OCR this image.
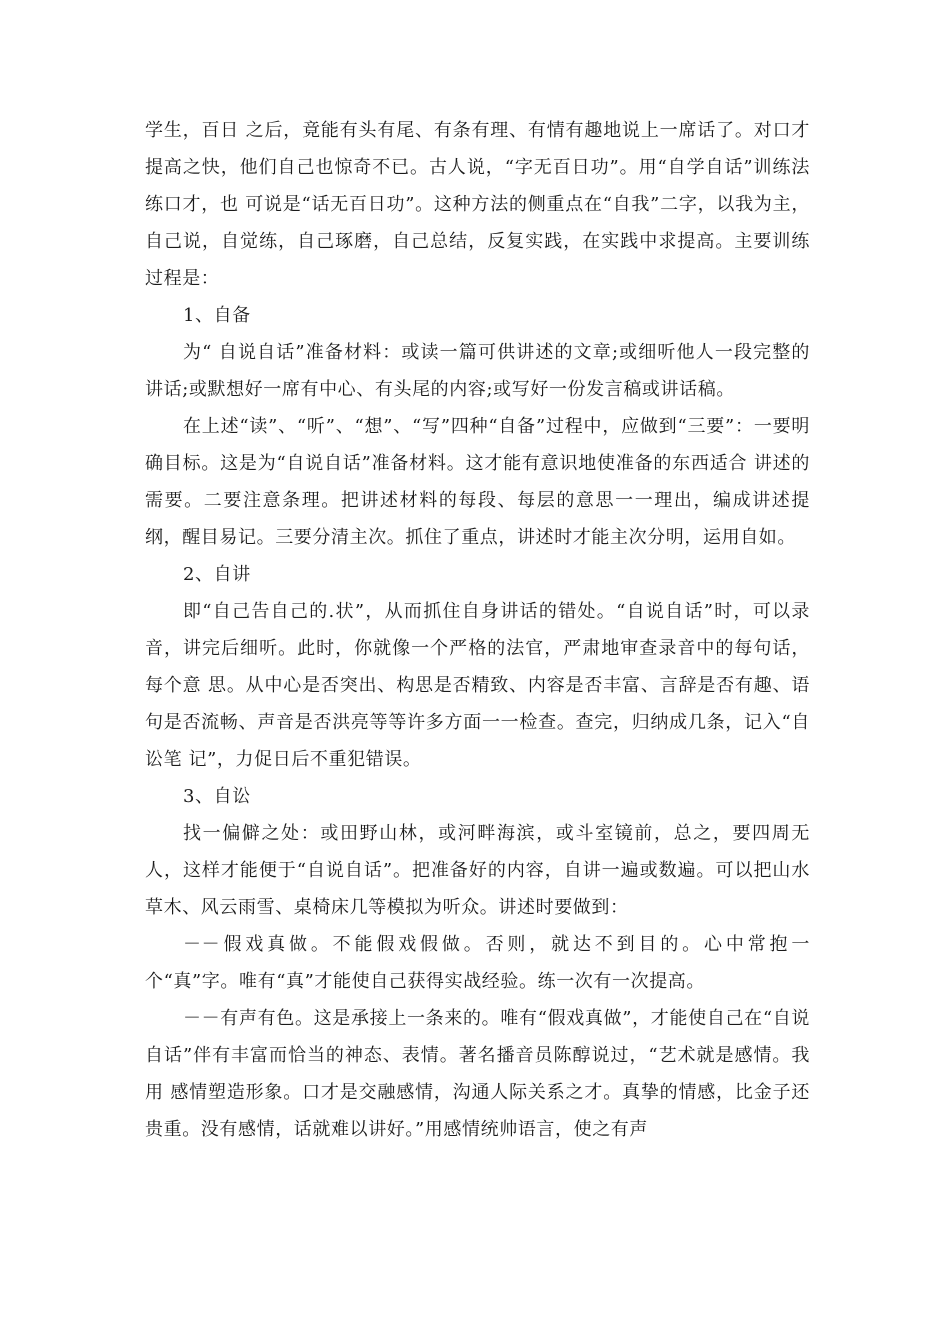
学生，百日 之后，竟能有头有尾、有条有理、有情有趣地说上一席话了。对口才提高之快，他们自己也惊奇不已。古人说，“字无百日功”。用“自学自话”训练法练口才，也 可说是“话无百日功”。这种方法的侧重点在“自我”二字，以我为主，自己说，自觉练，自己琢磨，自己总结，反复实践，在实践中求提高。主要训练过程是：

1、自备

为“ 自说自话”准备材料：或读一篇可供讲述的文章;或细听他人一段完整的讲话;或默想好一席有中心、有头尾的内容;或写好一份发言稿或讲话稿。

在上述“读”、“听”、“想”、“写”四种“自备”过程中，应做到“三要”：一要明确目标。这是为“自说自话”准备材料。这才能有意识地使准备的东西适合 讲述的需要。二要注意条理。把讲述材料的每段、每层的意思一一理出，编成讲述提纲，醒目易记。三要分清主次。抓住了重点，讲述时才能主次分明，运用自如。

2、自讲

即“自己告自己的.状”，从而抓住自身讲话的错处。“自说自话”时，可以录音，讲完后细听。此时，你就像一个严格的法官，严肃地审查录音中的每句话，每个意 思。从中心是否突出、构思是否精致、内容是否丰富、言辞是否有趣、语句是否流畅、声音是否洪亮等等许多方面一一检查。查完，归纳成几条，记入“自讼笔 记”，力促日后不重犯错误。

3、自讼

找一偏僻之处：或田野山林，或河畔海滨，或斗室镜前，总之，要四周无人，这样才能便于“自说自话”。把准备好的内容，自讲一遍或数遍。可以把山水草木、风云雨雪、桌椅床几等模拟为听众。讲述时要做到：

－－假戏真做。不能假戏假做。否则，就达不到目的。心中常抱一个“真”字。唯有“真”才能使自己获得实战经验。练一次有一次提高。

－－有声有色。这是承接上一条来的。唯有“假戏真做”，才能使自己在“自说自话”伴有丰富而恰当的神态、表情。著名播音员陈醇说过，“艺术就是感情。我用 感情塑造形象。口才是交融感情，沟通人际关系之才。真挚的情感，比金子还贵重。没有感情，话就难以讲好。”用感情统帅语言，使之有声
